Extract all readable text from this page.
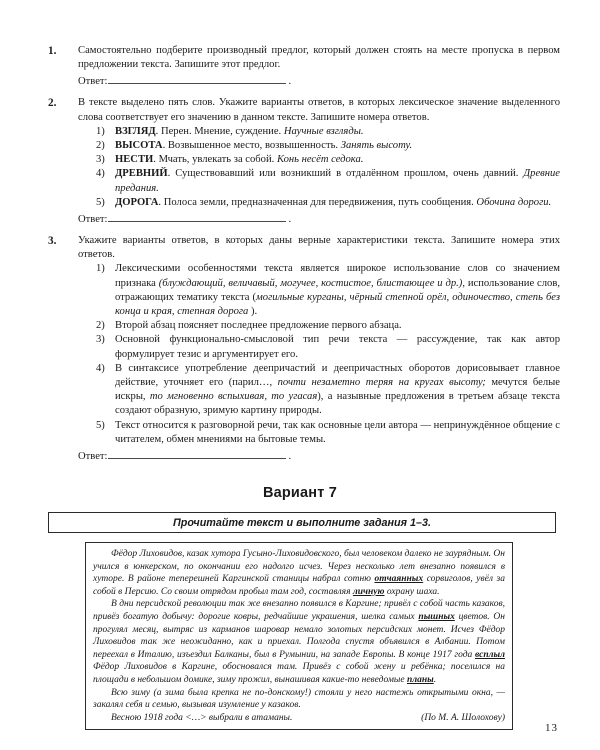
1.	Самостоятельно подберите производный предлог, который должен стоять на месте пропуска в первом предложении текста. Запишите этот предлог.

Ответ:	.
2.	В тексте выделено пять слов. Укажите варианты ответов, в которых лексическое значение выделенного слова соответствует его значению в данном тексте. Запишите номера ответов.

1) ВЗГЛЯД. Перен. Мнение, суждение. Научные взгляды.
2) ВЫСОТА. Возвышенное место, возвышенность. Занять высоту.
3) НЕСТИ. Мчать, увлекать за собой. Конь несёт седока.
4) ДРЕВНИЙ. Существовавший или возникший в отдалённом прошлом, очень давний. Древние предания.
5) ДОРОГА. Полоса земли, предназначенная для передвижения, путь сообщения. Обочина дороги.
Ответ:	.
3.	Укажите варианты ответов, в которых даны верные характеристики текста. Запишите номера этих ответов.

1) Лексическими особенностями текста является широкое использование слов со значением признака (блуждающий, величавый, могучее, костистое, блистающее и др.), использование слов, отражающих тематику текста (могильные курганы, чёрный степной орёл, одиночество, степь без конца и края, степная дорога ).
2) Второй абзац поясняет последнее предложение первого абзаца.
3) Основной функционально-смысловой тип речи текста — рассуждение, так как автор формулирует тезис и аргументирует его.
4) В синтаксисе употребление деепричастий и деепричастных оборотов дорисовывает главное действие, уточняет его (парил…, почти незаметно теряя на кругах высоту; мечутся белые искры, то мгновенно вспыхивая, то угасая), а назывные предложения в третьем абзаце текста создают образную, зримую картину природы.
5) Текст относится к разговорной речи, так как основные цели автора — непринуждённое общение с читателем, обмен мнениями на бытовые темы.
Ответ:	.
Вариант 7
Прочитайте текст и выполните задания 1–3.

Фёдор Лиховидов, казак хутора Гусыно-Лиховидовского, был человеком далеко не заурядным. Он учился в юнкерском, по окончании его надолго исчез. Через несколько лет внезапно появился в хуторе. В районе теперешней Каргинской станицы набрал сотню отчаянных сорвиголов, увёл за собой в Персию. Со своим отрядом пробыл там год, составляя личную охрану шаха.

В дни персидской революции так же внезапно появился в Каргине; привёл с собой часть казаков, привёз богатую добычу: дорогие ковры, редчайшие украшения, шелка самых пышных цветов. Он прогулял месяц, вытряс из карманов шаровар немало золотых персидских монет. Исчез Фёдор Лиховидов так же неожиданно, как и приехал. Полгода спустя объявился в Албании. Потом переехал в Италию, изъездил Балканы, был в Румынии, на западе Европы. В конце 1917 года всплыл Фёдор Лиховидов в Каргине, обосновался там. Привёз с собой жену и ребёнка; поселился на площади в небольшом домике, зиму прожил, вынашивая какие-то неведомые планы.

Всю зиму (а зима была крепка не по-донскому!) стояли у него настежь открытыми окна, — закалял себя и семью, вызывая изумление у казаков.

Весною 1918 года <…> выбрали в атаманы.	(По М. А. Шолохову)
13
